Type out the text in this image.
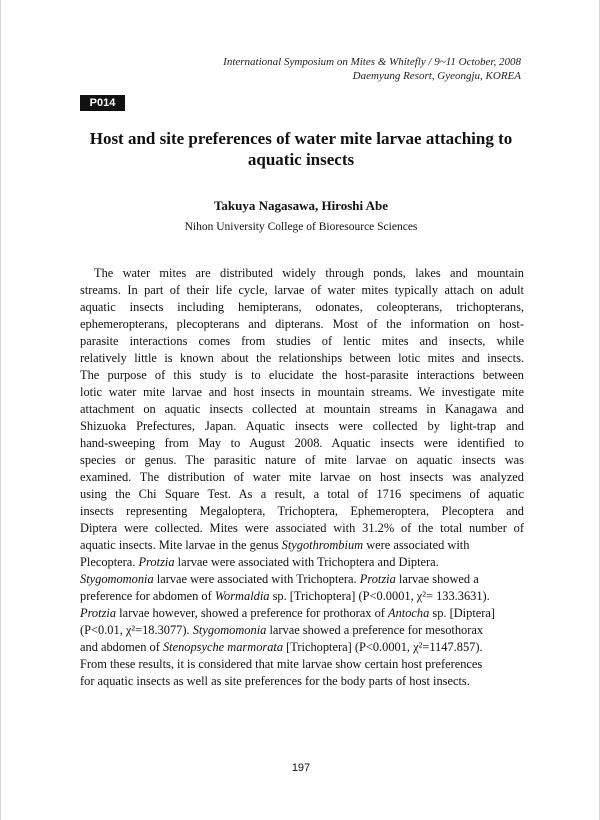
International Symposium on Mites & Whitefly / 9~11 October, 2008
Daemyung Resort, Gyeongju, KOREA
P014
Host and site preferences of water mite larvae attaching to
aquatic insects
Takuya Nagasawa, Hiroshi Abe
Nihon University College of Bioresource Sciences
The water mites are distributed widely through ponds, lakes and mountain
streams. In part of their life cycle, larvae of water mites typically attach on adult
aquatic insects including hemipterans, odonates, coleopterans, trichopterans,
ephemeropterans, plecopterans and dipterans. Most of the information on host-
parasite interactions comes from studies of lentic mites and insects, while
relatively little is known about the relationships between lotic mites and insects.
The purpose of this study is to elucidate the host-parasite interactions between
lotic water mite larvae and host insects in mountain streams. We investigate mite
attachment on aquatic insects collected at mountain streams in Kanagawa and
Shizuoka Prefectures, Japan. Aquatic insects were collected by light-trap and
hand-sweeping from May to August 2008. Aquatic insects were identified to
species or genus. The parasitic nature of mite larvae on aquatic insects was
examined. The distribution of water mite larvae on host insects was analyzed
using the Chi Square Test. As a result, a total of 1716 specimens of aquatic
insects representing Megaloptera, Trichoptera, Ephemeroptera, Plecoptera and
Diptera were collected. Mites were associated with 31.2% of the total number of
aquatic insects. Mite larvae in the genus Stygothrombium were associated with
Plecoptera. Protzia larvae were associated with Trichoptera and Diptera.
Stygomomonia larvae were associated with Trichoptera. Protzia larvae showed a
preference for abdomen of Wormaldia sp. [Trichoptera] (P<0.0001, χ²= 133.3631).
Protzia larvae however, showed a preference for prothorax of Antocha sp. [Diptera]
(P<0.01, χ²=18.3077). Stygomomonia larvae showed a preference for mesothorax
and abdomen of Stenopsyche marmorata [Trichoptera] (P<0.0001, χ²=1147.857).
From these results, it is considered that mite larvae show certain host preferences
for aquatic insects as well as site preferences for the body parts of host insects.
197
